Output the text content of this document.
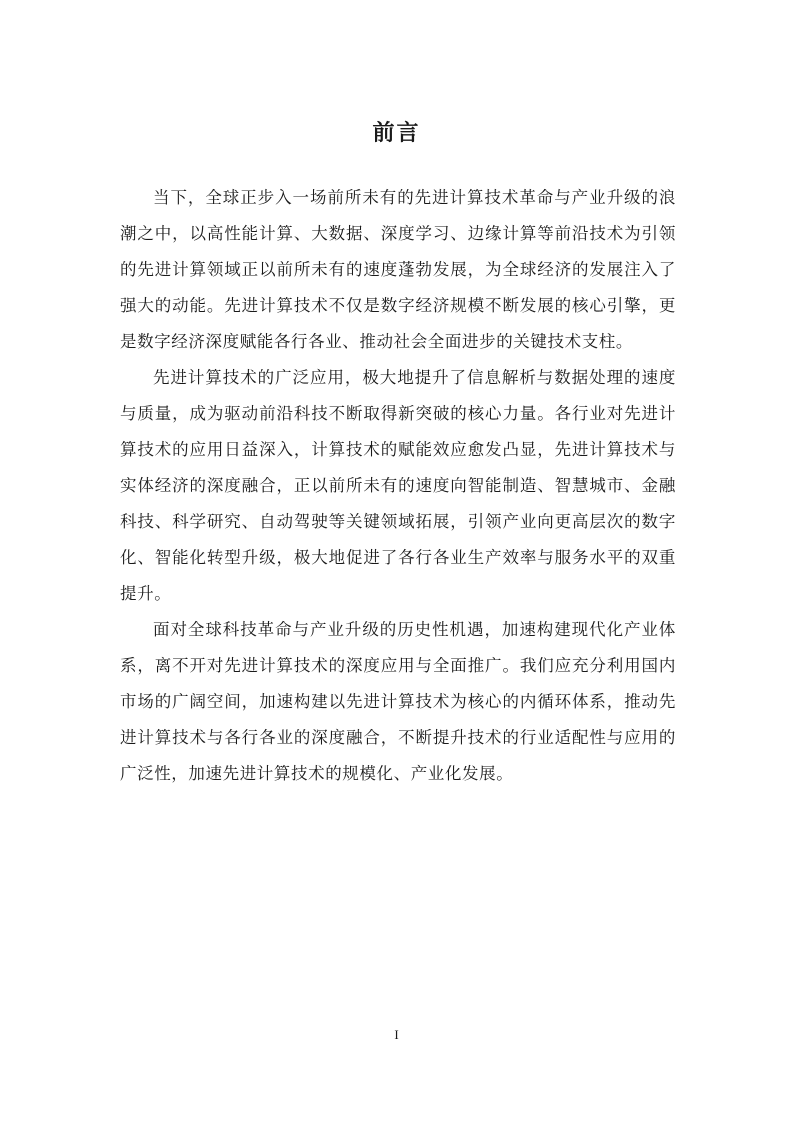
前言

当下，全球正步入一场前所未有的先进计算技术革命与产业升级的浪潮之中，以高性能计算、大数据、深度学习、边缘计算等前沿技术为引领的先进计算领域正以前所未有的速度蓬勃发展，为全球经济的发展注入了强大的动能。先进计算技术不仅是数字经济规模不断发展的核心引擎，更是数字经济深度赋能各行各业、推动社会全面进步的关键技术支柱。

先进计算技术的广泛应用，极大地提升了信息解析与数据处理的速度与质量，成为驱动前沿科技不断取得新突破的核心力量。各行业对先进计算技术的应用日益深入，计算技术的赋能效应愈发凸显，先进计算技术与实体经济的深度融合，正以前所未有的速度向智能制造、智慧城市、金融科技、科学研究、自动驾驶等关键领域拓展，引领产业向更高层次的数字化、智能化转型升级，极大地促进了各行各业生产效率与服务水平的双重提升。

面对全球科技革命与产业升级的历史性机遇，加速构建现代化产业体系，离不开对先进计算技术的深度应用与全面推广。我们应充分利用国内市场的广阔空间，加速构建以先进计算技术为核心的内循环体系，推动先进计算技术与各行各业的深度融合，不断提升技术的行业适配性与应用的广泛性，加速先进计算技术的规模化、产业化发展。

I
